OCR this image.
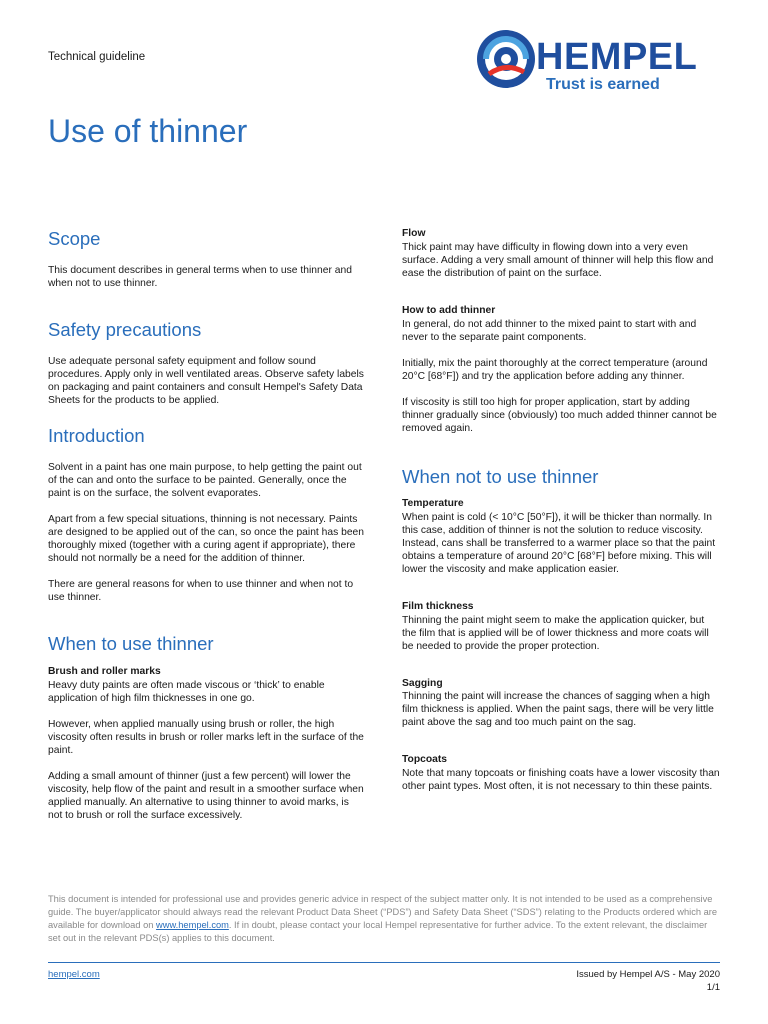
Technical guideline	HEMPEL
Trust is earned
Use of thinner
Scope

This document describes in general terms when to use thinner and when not to use thinner.

Safety precautions

Use adequate personal safety equipment and follow sound procedures. Apply only in well ventilated areas. Observe safety labels on packaging and paint containers and consult Hempel's Safety Data Sheets for the products to be applied.

Introduction

Solvent in a paint has one main purpose, to help getting the paint out of the can and onto the surface to be painted. Generally, once the paint is on the surface, the solvent evaporates.

Apart from a few special situations, thinning is not necessary. Paints are designed to be applied out of the can, so once the paint has been thoroughly mixed (together with a curing agent if appropriate), there should not normally be a need for the addition of thinner.

There are general reasons for when to use thinner and when not to use thinner.

When to use thinner
Brush and roller marks

Heavy duty paints are often made viscous or ‘thick’ to enable application of high film thicknesses in one go.

However, when applied manually using brush or roller, the high viscosity often results in brush or roller marks left in the surface of the paint.

Adding a small amount of thinner (just a few percent) will lower the viscosity, help flow of the paint and result in a smoother surface when applied manually. An alternative to using thinner to avoid marks, is not to brush or roll the surface excessively.

Flow

Thick paint may have difficulty in flowing down into a very even surface. Adding a very small amount of thinner will help this flow and ease the distribution of paint on the surface.

How to add thinner

In general, do not add thinner to the mixed paint to start with and never to the separate paint components.

Initially, mix the paint thoroughly at the correct temperature (around 20°C [68°F]) and try the application before adding any thinner.

If viscosity is still too high for proper application, start by adding thinner gradually since (obviously) too much added thinner cannot be removed again.

When not to use thinner
Temperature

When paint is cold (< 10°C [50°F]), it will be thicker than normally. In this case, addition of thinner is not the solution to reduce viscosity. Instead, cans shall be transferred to a warmer place so that the paint obtains a temperature of around 20°C [68°F] before mixing. This will lower the viscosity and make application easier.

Film thickness

Thinning the paint might seem to make the application quicker, but the film that is applied will be of lower thickness and more coats will be needed to provide the proper protection.

Sagging

Thinning the paint will increase the chances of sagging when a high film thickness is applied. When the paint sags, there will be very little paint above the sag and too much paint on the sag.

Topcoats

Note that many topcoats or finishing coats have a lower viscosity than other paint types. Most often, it is not necessary to thin these paints.

This document is intended for professional use and provides generic advice in respect of the subject matter only. It is not intended to be used as a comprehensive guide. The buyer/applicator should always read the relevant Product Data Sheet (“PDS”) and Safety Data Sheet (“SDS”) relating to the Products ordered which are available for download on www.hempel.com. If in doubt, please contact your local Hempel representative for further advice. To the extent relevant, the disclaimer set out in the relevant PDS(s) applies to this document.

hempel.com	Issued by Hempel A/S - May 2020
1/1
